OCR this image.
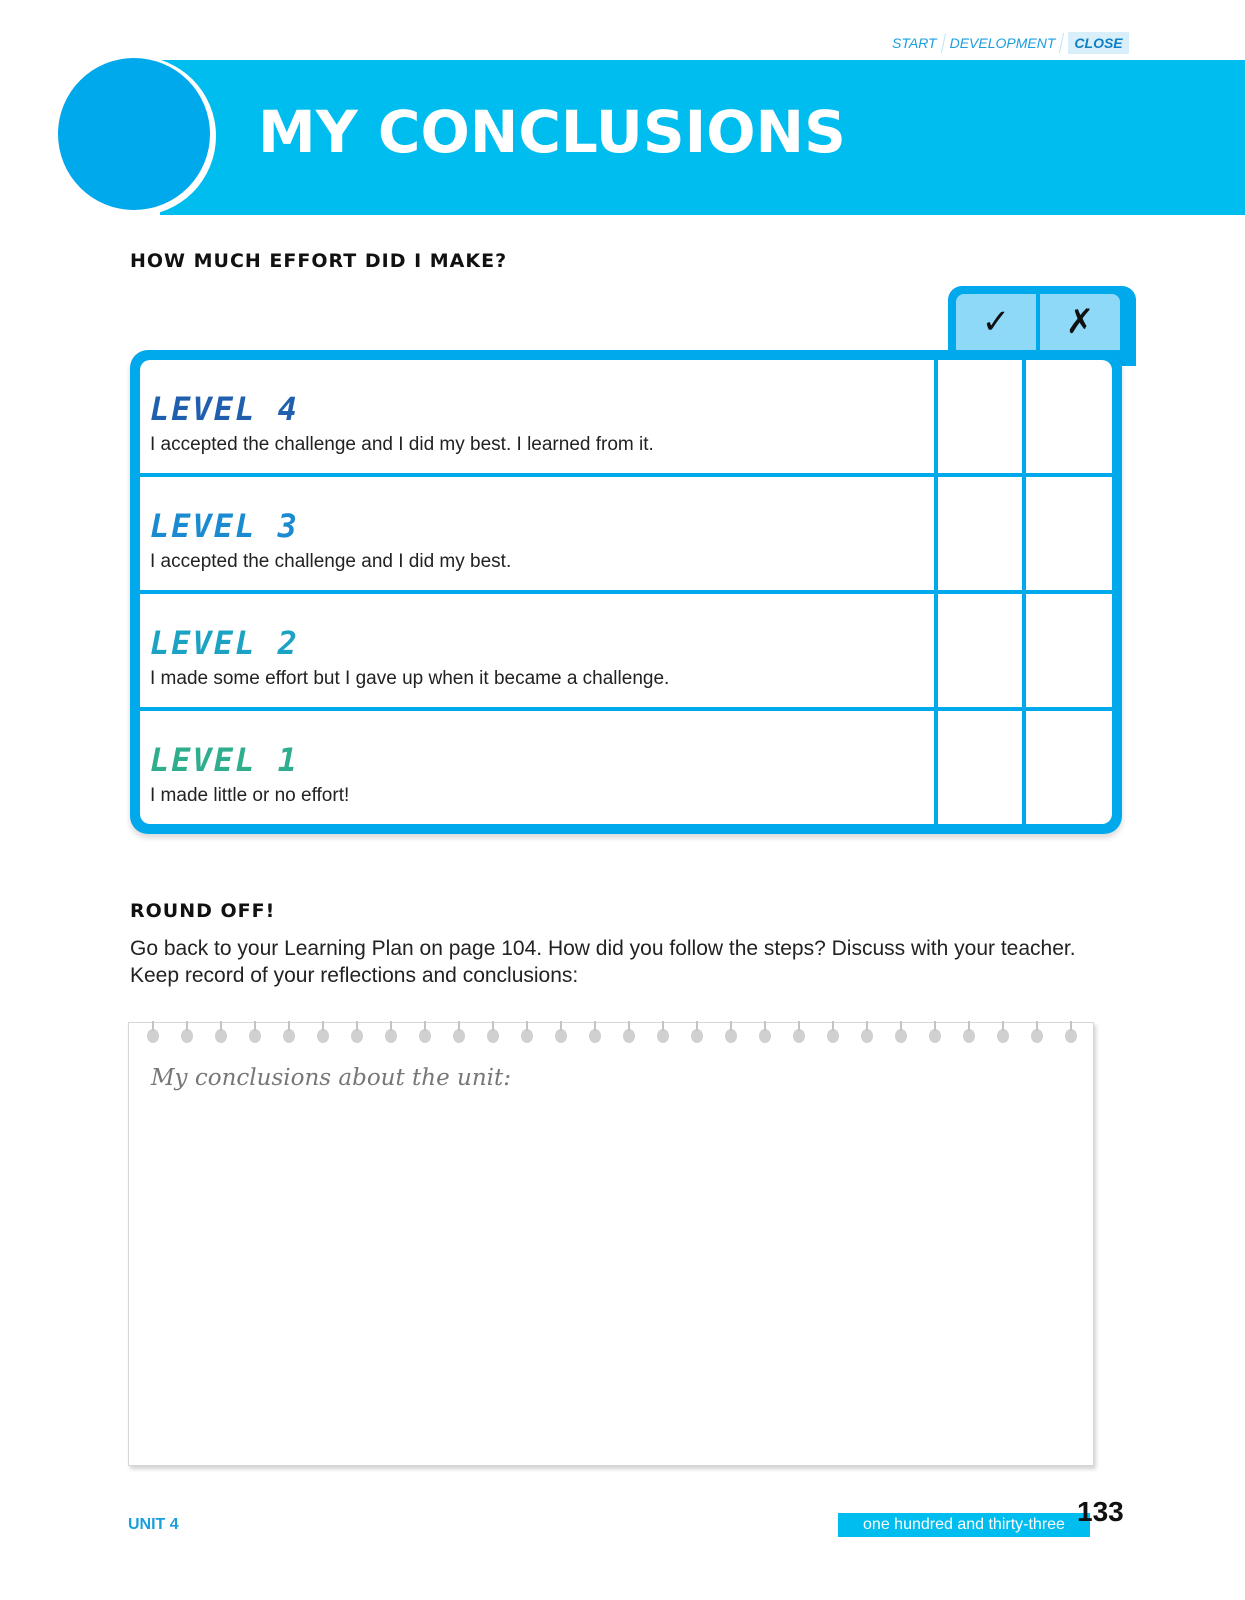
START DEVELOPMENT	CLOSE
MY CONCLUSIONS
HOW MUCH EFFORT DID I MAKE?
✓	✗
LEVEL 4
I accepted the challenge and I did my best. I learned from it.
LEVEL 3
I accepted the challenge and I did my best.
LEVEL 2
I made some effort but I gave up when it became a challenge.
LEVEL 1
I made little or no effort!
ROUND OFF!
Go back to your Learning Plan on page 104. How did you follow the steps? Discuss with your teacher. Keep record of your reflections and conclusions:
My conclusions about the unit:
UNIT 4	one hundred and thirty-three 133
